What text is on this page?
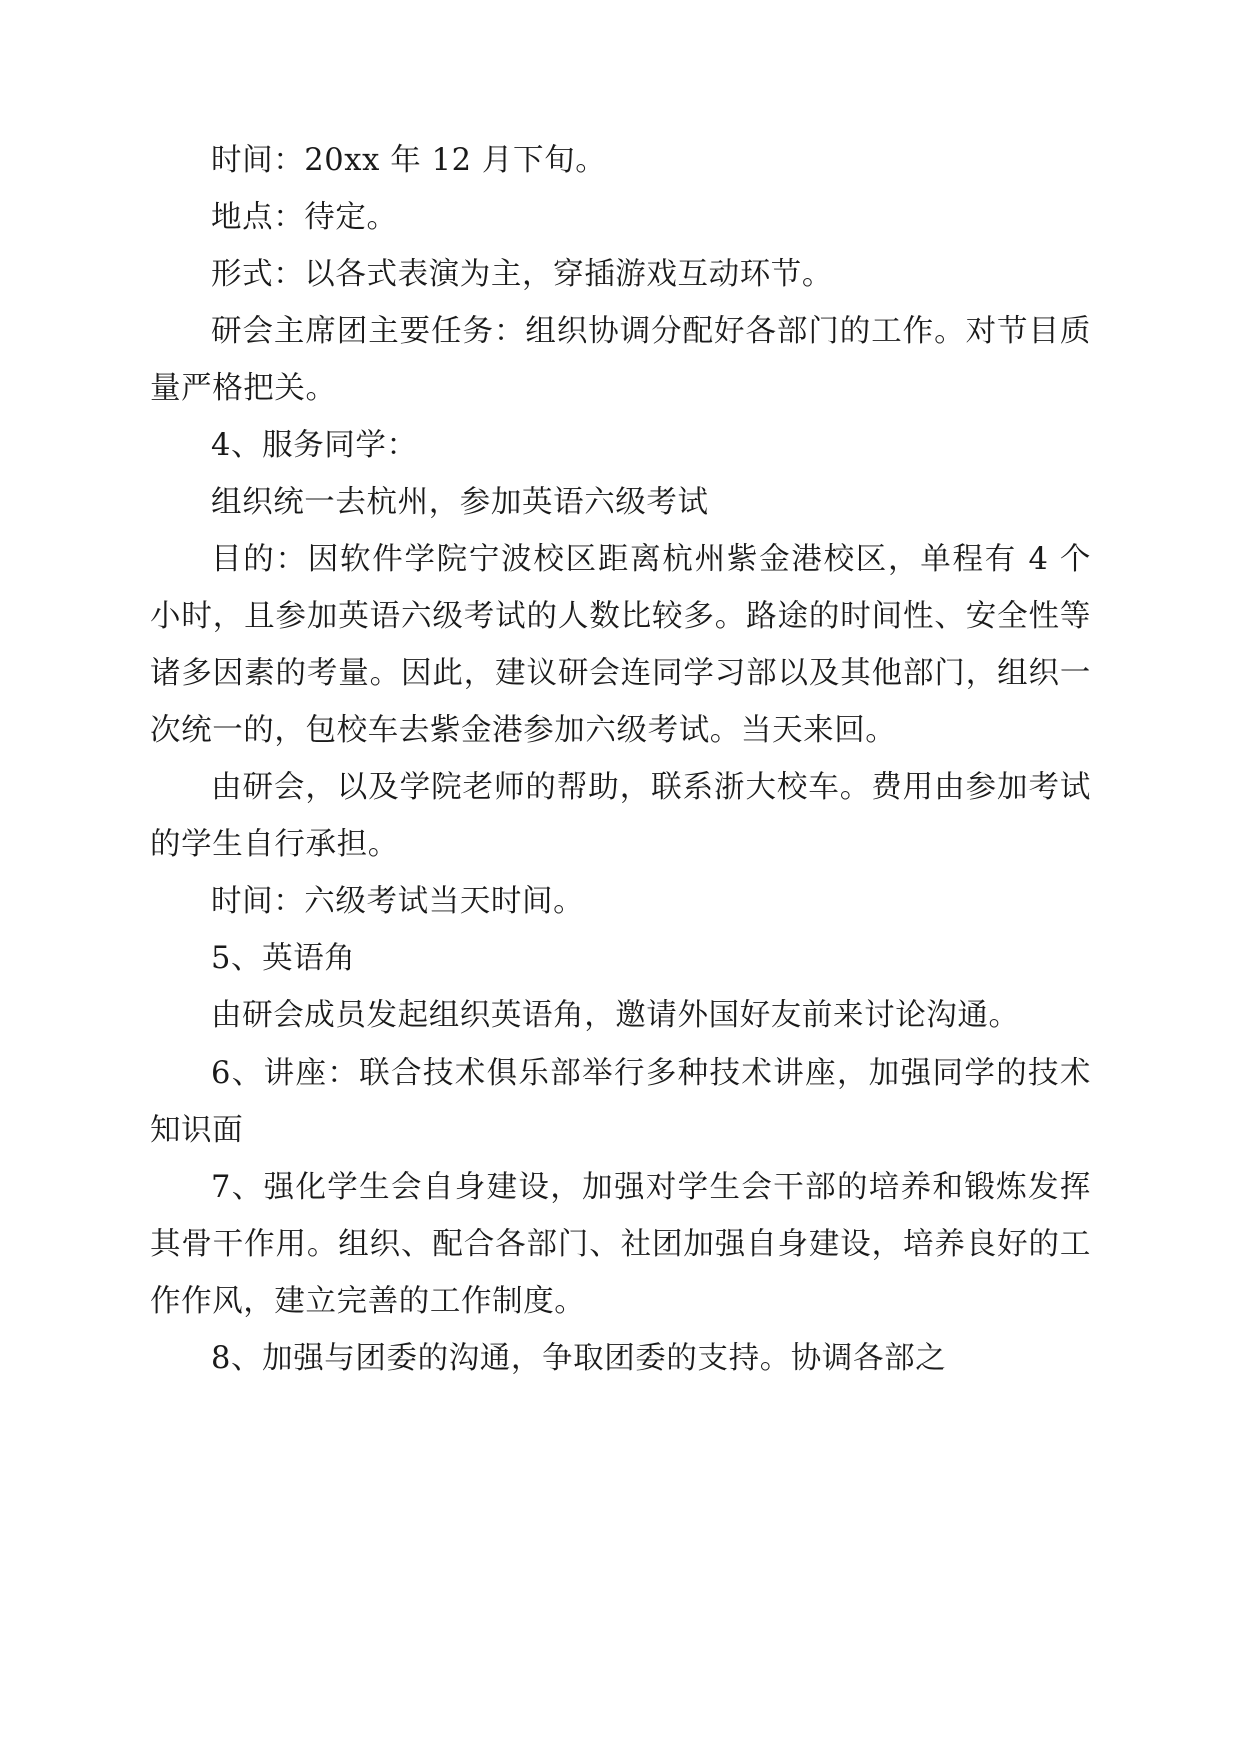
时间：20xx 年 12 月下旬。

地点：待定。

形式：以各式表演为主，穿插游戏互动环节。

研会主席团主要任务：组织协调分配好各部门的工作。对节目质量严格把关。

4、服务同学：

组织统一去杭州，参加英语六级考试

目的：因软件学院宁波校区距离杭州紫金港校区，单程有 4 个小时，且参加英语六级考试的人数比较多。路途的时间性、安全性等诸多因素的考量。因此，建议研会连同学习部以及其他部门，组织一次统一的，包校车去紫金港参加六级考试。当天来回。

由研会，以及学院老师的帮助，联系浙大校车。费用由参加考试的学生自行承担。

时间：六级考试当天时间。

5、英语角

由研会成员发起组织英语角，邀请外国好友前来讨论沟通。

6、讲座：联合技术俱乐部举行多种技术讲座，加强同学的技术知识面

7、强化学生会自身建设，加强对学生会干部的培养和锻炼发挥其骨干作用。组织、配合各部门、社团加强自身建设，培养良好的工作作风，建立完善的工作制度。

8、加强与团委的沟通，争取团委的支持。协调各部之
